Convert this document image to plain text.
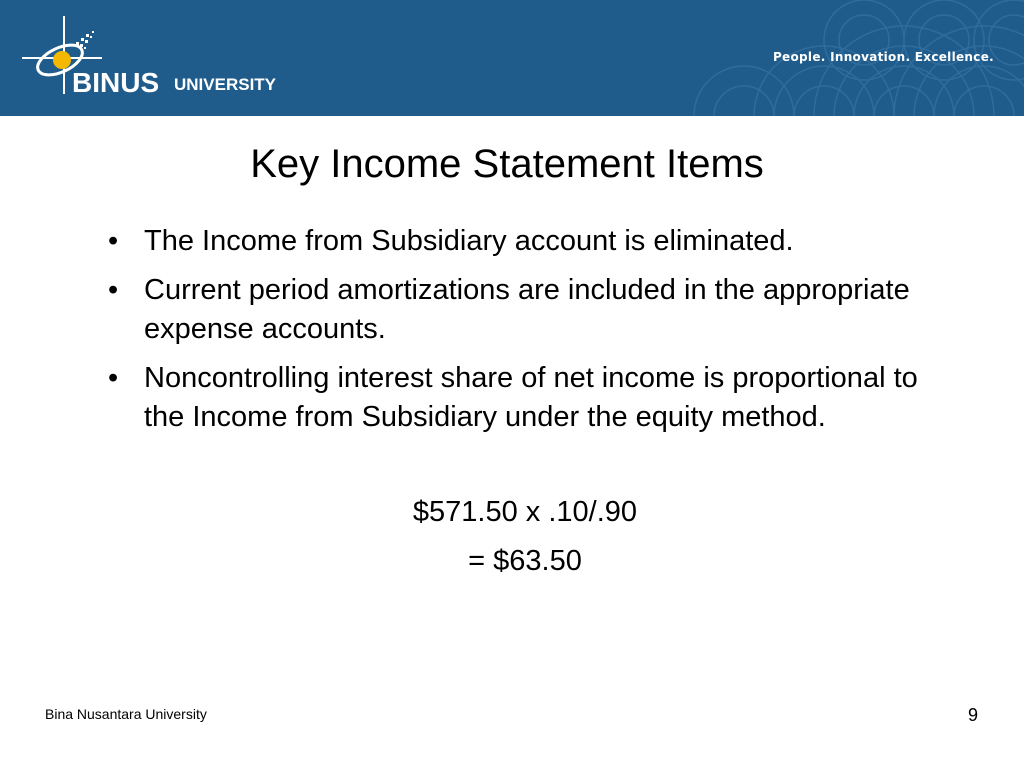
BINUS UNIVERSITY
People. Innovation. Excellence.
Key Income Statement Items
• The Income from Subsidiary account is eliminated.
• Current period amortizations are included in the appropriate expense accounts.
• Noncontrolling interest share of net income is proportional to the Income from Subsidiary under the equity method.
$571.50 x .10/.90
= $63.50
Bina Nusantara University	9
